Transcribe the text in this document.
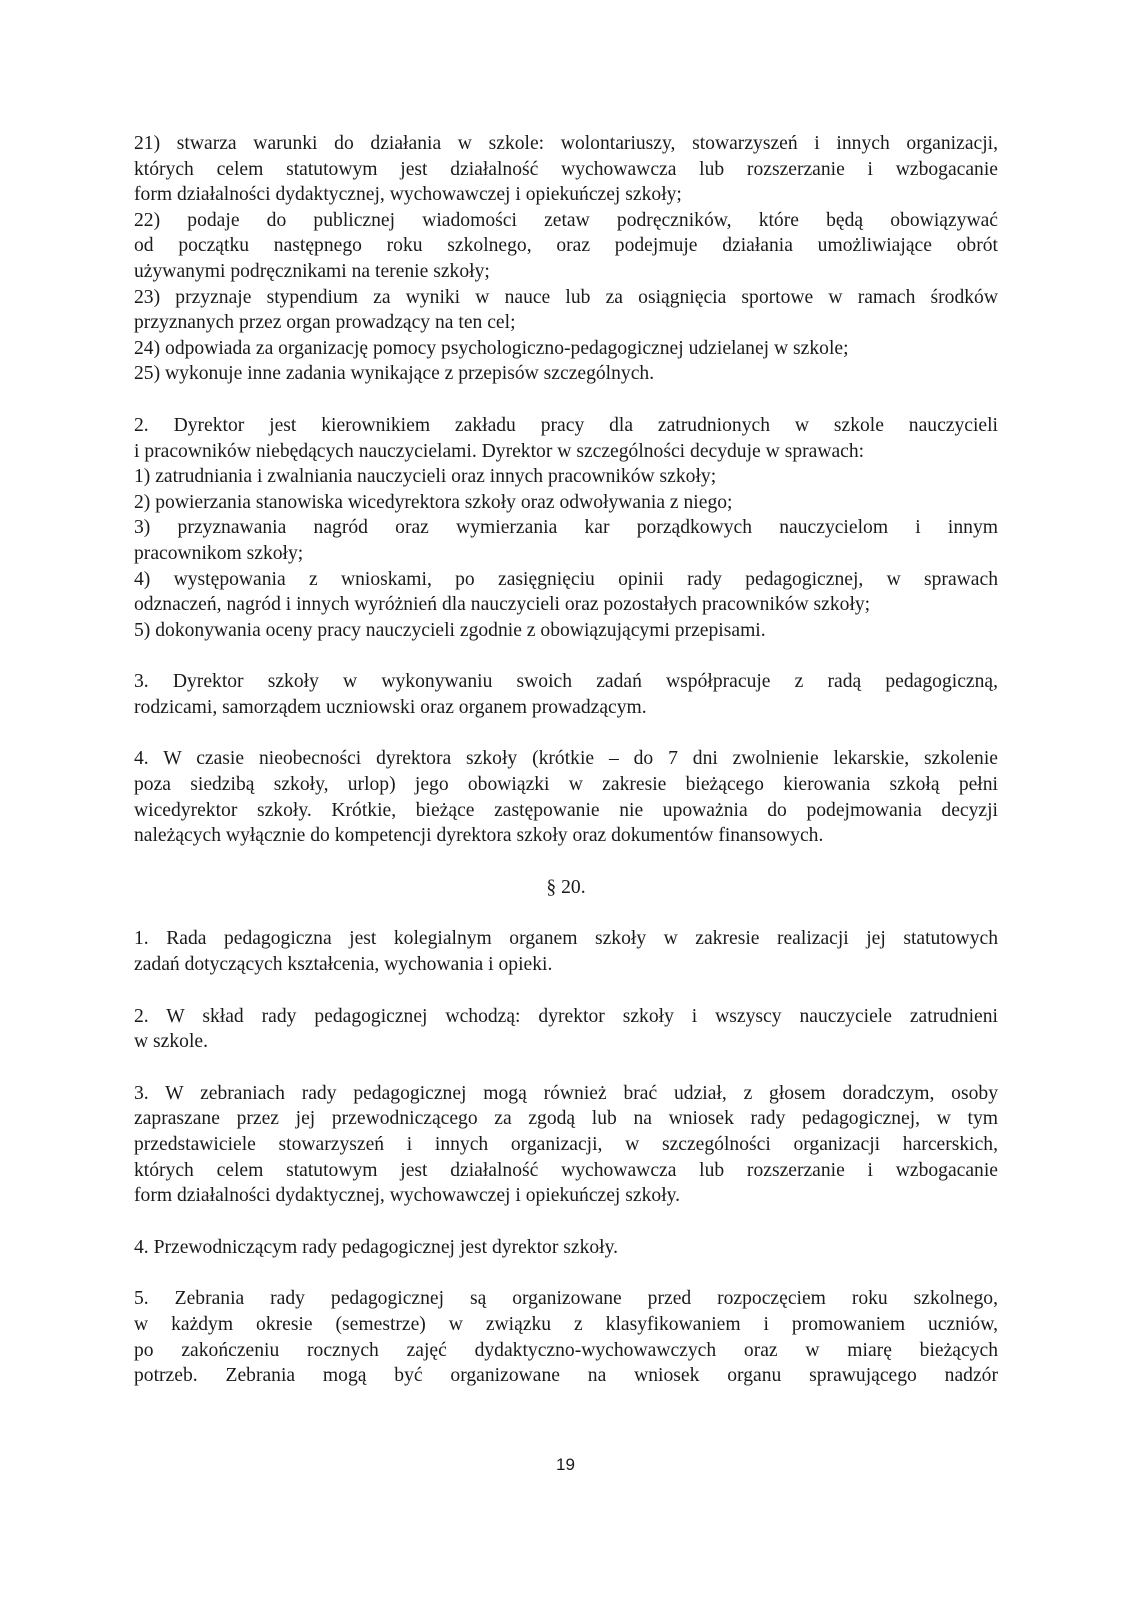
21) stwarza warunki do działania w szkole: wolontariuszy, stowarzyszeń i innych organizacji,
których celem statutowym jest działalność wychowawcza lub rozszerzanie i wzbogacanie
form działalności dydaktycznej, wychowawczej i opiekuńczej szkoły;
22) podaje do publicznej wiadomości zetaw podręczników, które będą obowiązywać
od początku następnego roku szkolnego, oraz podejmuje działania umożliwiające obrót
używanymi podręcznikami na terenie szkoły;
23) przyznaje stypendium za wyniki w nauce lub za osiągnięcia sportowe w ramach środków
przyznanych przez organ prowadzący na ten cel;
24) odpowiada za organizację pomocy psychologiczno-pedagogicznej udzielanej w szkole;
25) wykonuje inne zadania wynikające z przepisów szczególnych.
2. Dyrektor jest kierownikiem zakładu pracy dla zatrudnionych w szkole nauczycieli
i pracowników niebędących nauczycielami. Dyrektor w szczególności decyduje w sprawach:
1) zatrudniania i zwalniania nauczycieli oraz innych pracowników szkoły;
2) powierzania stanowiska wicedyrektora szkoły oraz odwoływania z niego;
3) przyznawania nagród oraz wymierzania kar porządkowych nauczycielom i innym
pracownikom szkoły;
4) występowania z wnioskami, po zasięgnięciu opinii rady pedagogicznej, w sprawach
odznaczeń, nagród i innych wyróżnień dla nauczycieli oraz pozostałych pracowników szkoły;
5) dokonywania oceny pracy nauczycieli zgodnie z obowiązującymi przepisami.
3. Dyrektor szkoły w wykonywaniu swoich zadań współpracuje z radą pedagogiczną,
rodzicami, samorządem uczniowski oraz organem prowadzącym.
4. W czasie nieobecności dyrektora szkoły (krótkie – do 7 dni zwolnienie lekarskie, szkolenie
poza siedzibą szkoły, urlop) jego obowiązki w zakresie bieżącego kierowania szkołą pełni
wicedyrektor szkoły. Krótkie, bieżące zastępowanie nie upoważnia do podejmowania decyzji
należących wyłącznie do kompetencji dyrektora szkoły oraz dokumentów finansowych.
§ 20.
1. Rada pedagogiczna jest kolegialnym organem szkoły w zakresie realizacji jej statutowych
zadań dotyczących kształcenia, wychowania i opieki.
2. W skład rady pedagogicznej wchodzą: dyrektor szkoły i wszyscy nauczyciele zatrudnieni
w szkole.
3. W zebraniach rady pedagogicznej mogą również brać udział, z głosem doradczym, osoby
zapraszane przez jej przewodniczącego za zgodą lub na wniosek rady pedagogicznej, w tym
przedstawiciele stowarzyszeń i innych organizacji, w szczególności organizacji harcerskich,
których celem statutowym jest działalność wychowawcza lub rozszerzanie i wzbogacanie
form działalności dydaktycznej, wychowawczej i opiekuńczej szkoły.
4. Przewodniczącym rady pedagogicznej jest dyrektor szkoły.
5. Zebrania rady pedagogicznej są organizowane przed rozpoczęciem roku szkolnego,
w każdym okresie (semestrze) w związku z klasyfikowaniem i promowaniem uczniów,
po zakończeniu rocznych zajęć dydaktyczno-wychowawczych oraz w miarę bieżących
potrzeb. Zebrania mogą być organizowane na wniosek organu sprawującego nadzór
19
